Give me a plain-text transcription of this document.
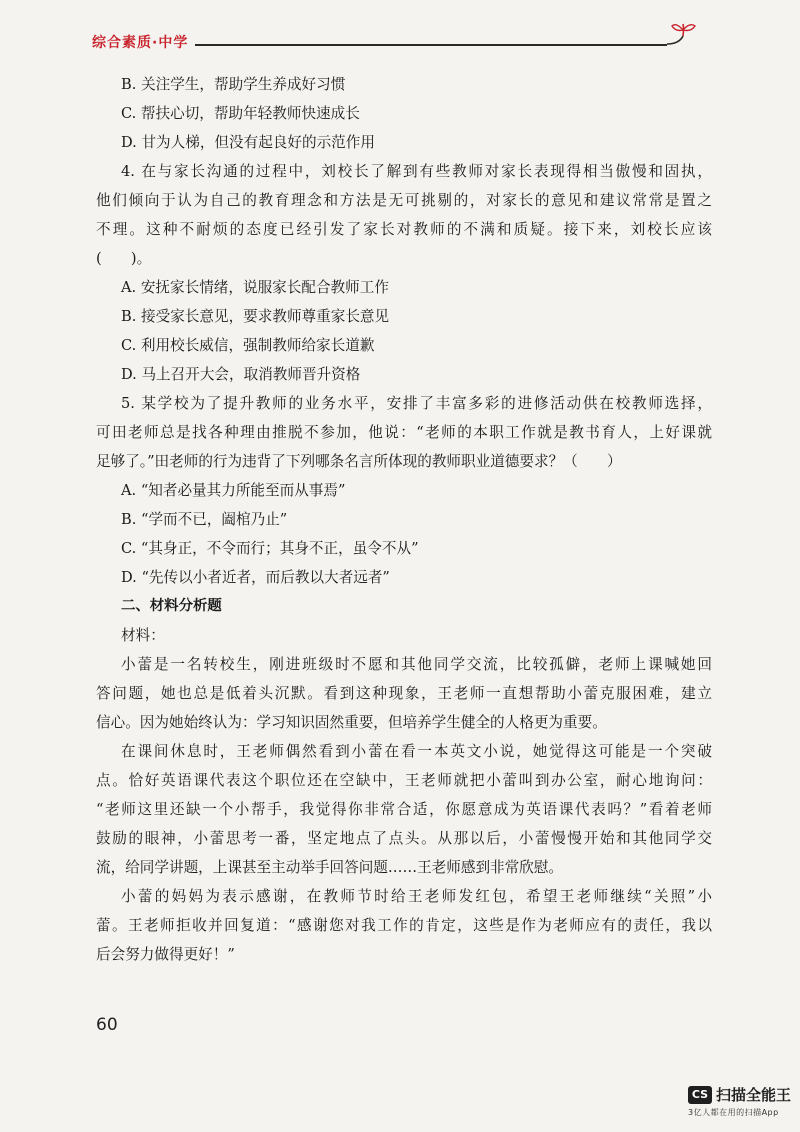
综合素质·中学
B. 关注学生，帮助学生养成好习惯
C. 帮扶心切，帮助年轻教师快速成长
D. 甘为人梯，但没有起良好的示范作用
4. 在与家长沟通的过程中，刘校长了解到有些教师对家长表现得相当傲慢和固执，
他们倾向于认为自己的教育理念和方法是无可挑剔的，对家长的意见和建议常常是置之
不理。这种不耐烦的态度已经引发了家长对教师的不满和质疑。接下来，刘校长应该
(　　)。
A. 安抚家长情绪，说服家长配合教师工作
B. 接受家长意见，要求教师尊重家长意见
C. 利用校长威信，强制教师给家长道歉
D. 马上召开大会，取消教师晋升资格
5. 某学校为了提升教师的业务水平，安排了丰富多彩的进修活动供在校教师选择，
可田老师总是找各种理由推脱不参加，他说：“老师的本职工作就是教书育人，上好课就
足够了。”田老师的行为违背了下列哪条名言所体现的教师职业道德要求？（　　）
A. “知者必量其力所能至而从事焉”
B. “学而不已，阖棺乃止”
C. “其身正，不令而行；其身不正，虽令不从”
D. “先传以小者近者，而后教以大者远者”
二、材料分析题
材料：
小蕾是一名转校生，刚进班级时不愿和其他同学交流，比较孤僻，老师上课喊她回
答问题，她也总是低着头沉默。看到这种现象，王老师一直想帮助小蕾克服困难，建立
信心。因为她始终认为：学习知识固然重要，但培养学生健全的人格更为重要。
在课间休息时，王老师偶然看到小蕾在看一本英文小说，她觉得这可能是一个突破
点。恰好英语课代表这个职位还在空缺中，王老师就把小蕾叫到办公室，耐心地询问：
“老师这里还缺一个小帮手，我觉得你非常合适，你愿意成为英语课代表吗？”看着老师
鼓励的眼神，小蕾思考一番，坚定地点了点头。从那以后，小蕾慢慢开始和其他同学交
流，给同学讲题，上课甚至主动举手回答问题……王老师感到非常欣慰。
小蕾的妈妈为表示感谢，在教师节时给王老师发红包，希望王老师继续“关照”小
蕾。王老师拒收并回复道：“感谢您对我工作的肯定，这些是作为老师应有的责任，我以
后会努力做得更好！”
60
CS 扫描全能王
3亿人都在用的扫描App
